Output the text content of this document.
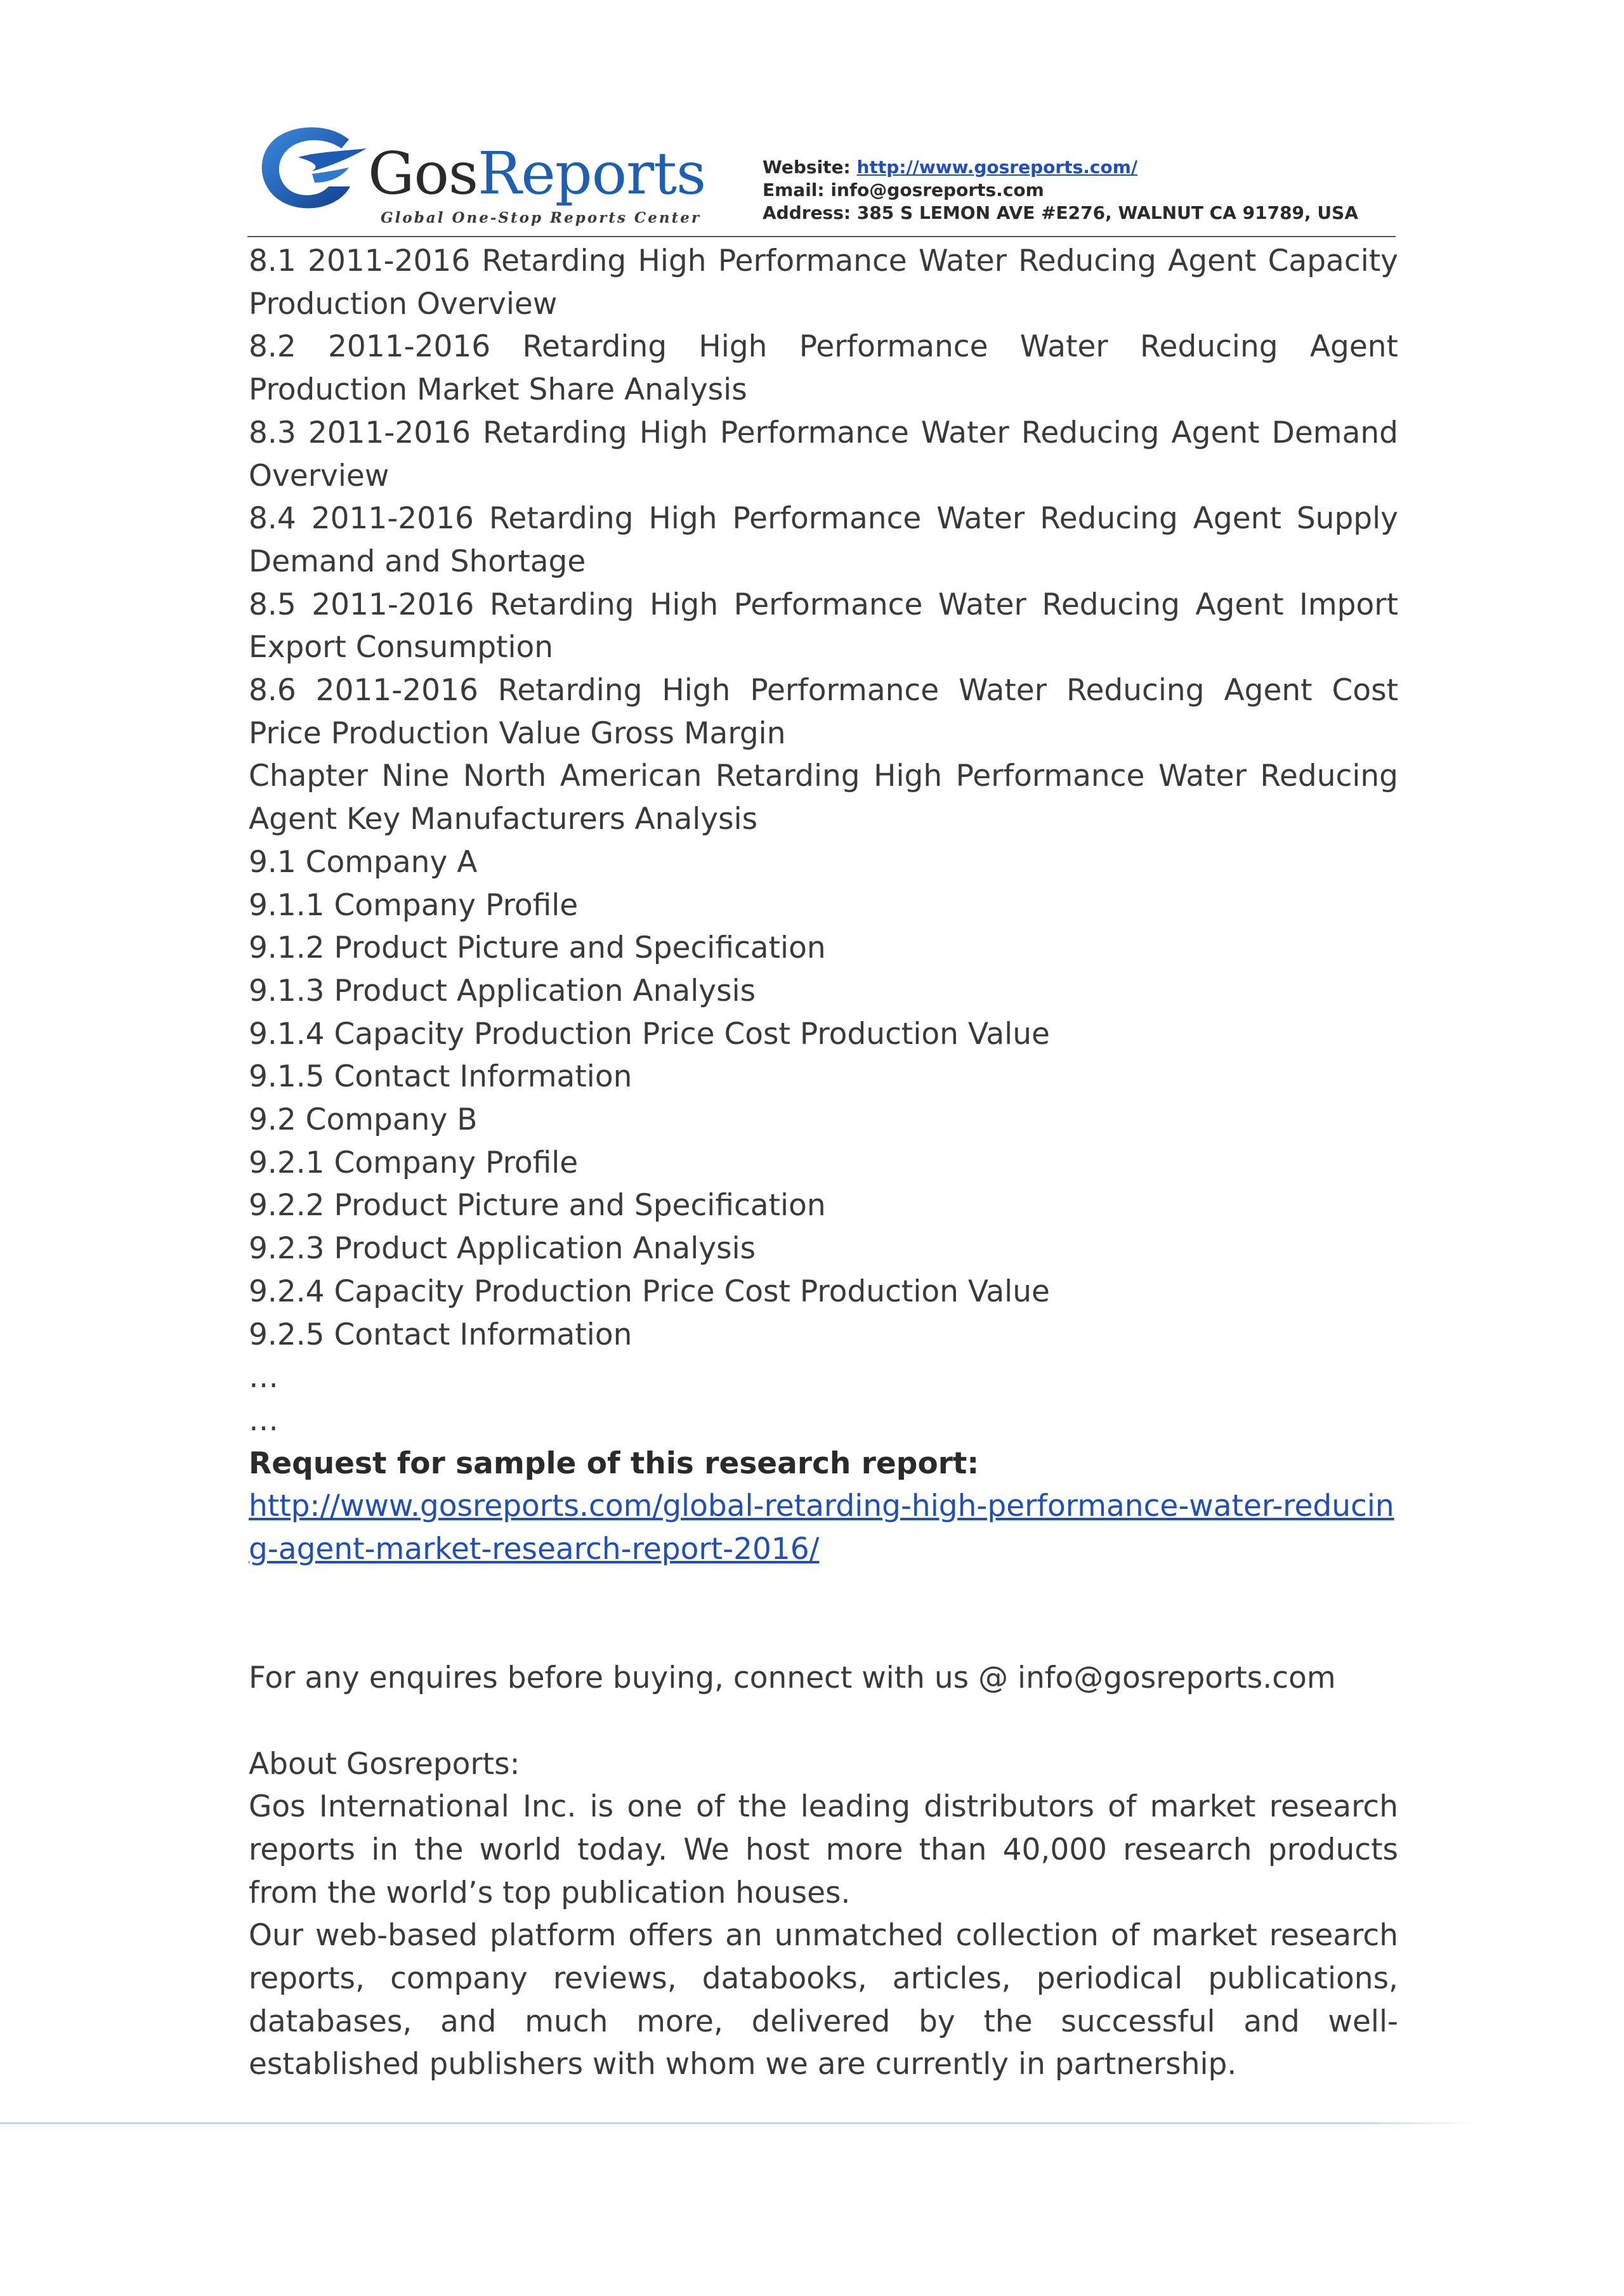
GosReports
Global One-Stop Reports Center
Website: http://www.gosreports.com/
Email: info@gosreports.com
Address: 385 S LEMON AVE #E276, WALNUT CA 91789, USA

8.1 2011-2016 Retarding High Performance Water Reducing Agent Capacity Production Overview

8.2 2011-2016 Retarding High Performance Water Reducing Agent Production Market Share Analysis

8.3 2011-2016 Retarding High Performance Water Reducing Agent Demand Overview

8.4 2011-2016 Retarding High Performance Water Reducing Agent Supply Demand and Shortage

8.5 2011-2016 Retarding High Performance Water Reducing Agent Import Export Consumption

8.6 2011-2016 Retarding High Performance Water Reducing Agent Cost Price Production Value Gross Margin

Chapter Nine North American Retarding High Performance Water Reducing Agent Key Manufacturers Analysis

9.1 Company A

9.1.1 Company Profile

9.1.2 Product Picture and Specification

9.1.3 Product Application Analysis

9.1.4 Capacity Production Price Cost Production Value

9.1.5 Contact Information

9.2 Company B

9.2.1 Company Profile

9.2.2 Product Picture and Specification

9.2.3 Product Application Analysis

9.2.4 Capacity Production Price Cost Production Value

9.2.5 Contact Information

…

…

Request for sample of this research report:

http://www.gosreports.com/global-retarding-high-performance-water-reducing-agent-market-research-report-2016/

For any enquires before buying, connect with us @ info@gosreports.com

About Gosreports:

Gos International Inc. is one of the leading distributors of market research reports in the world today. We host more than 40,000 research products from the world’s top publication houses.

Our web-based platform offers an unmatched collection of market research reports, company reviews, databooks, articles, periodical publications, databases, and much more, delivered by the successful and well-established publishers with whom we are currently in partnership.
